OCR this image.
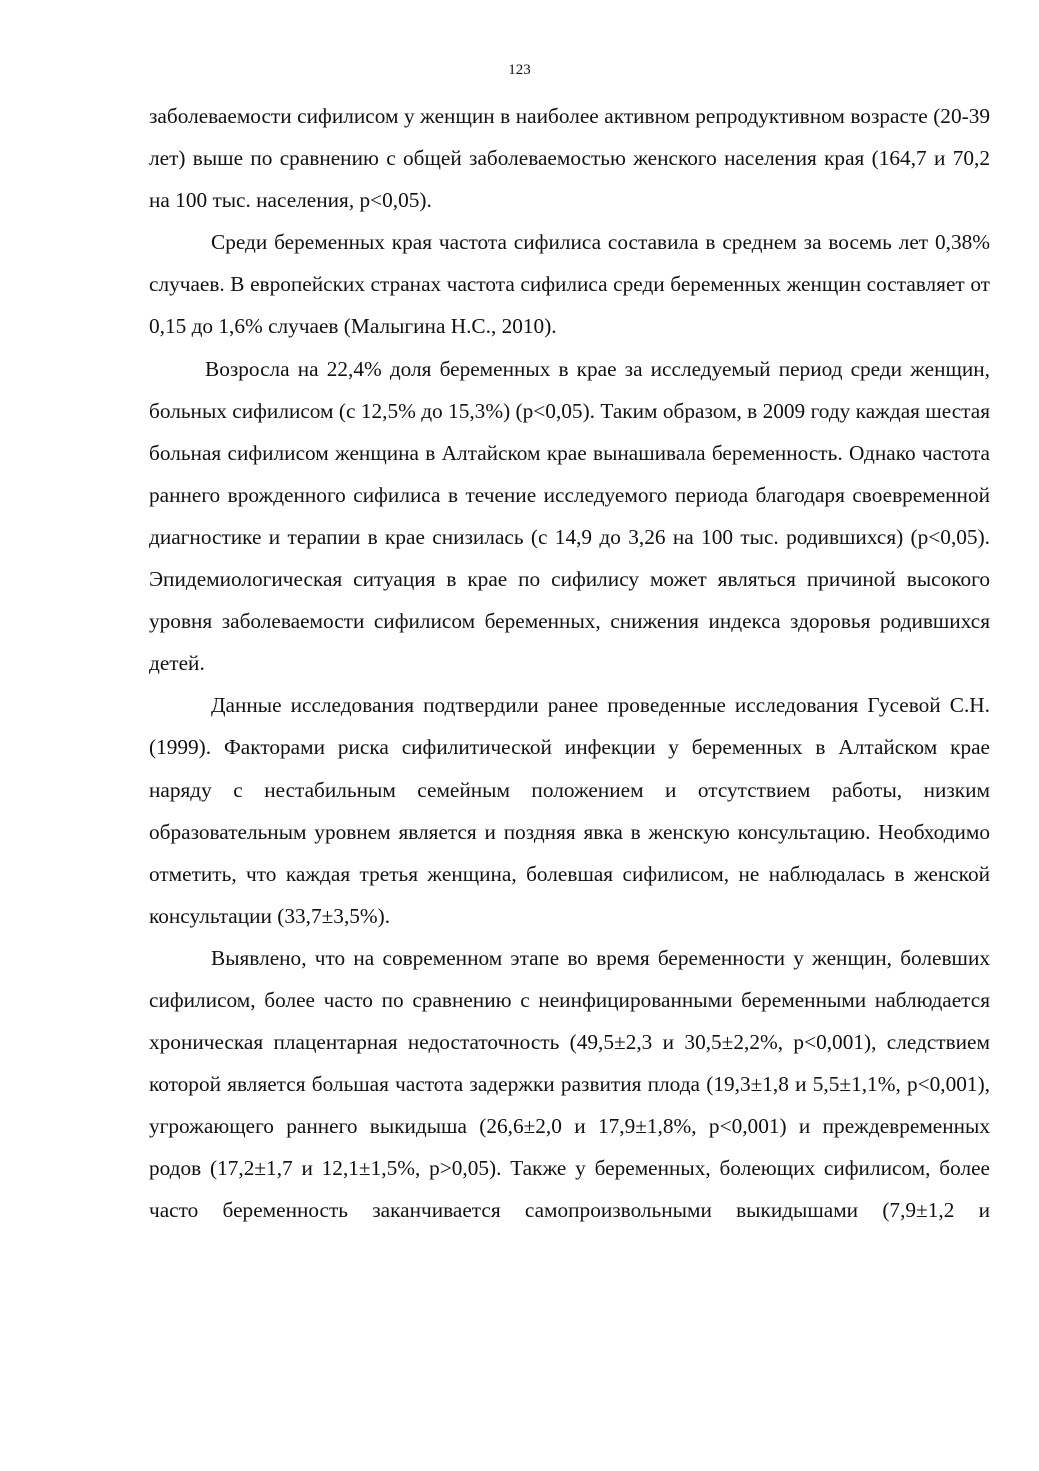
123

заболеваемости сифилисом у женщин в наиболее активном репродуктивном возрасте (20-39 лет) выше по сравнению с общей заболеваемостью женского населения края (164,7 и 70,2 на 100 тыс. населения, р<0,05).

Среди беременных края частота сифилиса составила в среднем за восемь лет 0,38% случаев. В европейских странах частота сифилиса среди беременных женщин составляет от 0,15 до 1,6% случаев (Малыгина Н.С., 2010).

Возросла на 22,4% доля беременных в крае за исследуемый период среди женщин, больных сифилисом (с 12,5% до 15,3%) (р<0,05). Таким образом, в 2009 году каждая шестая больная сифилисом женщина в Алтайском крае вынашивала беременность. Однако частота раннего врожденного сифилиса в течение исследуемого периода благодаря своевременной диагностике и терапии в крае снизилась (с 14,9 до 3,26 на 100 тыс. родившихся) (р<0,05). Эпидемиологическая ситуация в крае по сифилису может являться причиной высокого уровня заболеваемости сифилисом беременных, снижения индекса здоровья родившихся детей.

Данные исследования подтвердили ранее проведенные исследования Гусевой С.Н. (1999). Факторами риска сифилитической инфекции у беременных в Алтайском крае наряду с нестабильным семейным положением и отсутствием работы, низким образовательным уровнем является и поздняя явка в женскую консультацию. Необходимо отметить, что каждая третья женщина, болевшая сифилисом, не наблюдалась в женской консультации (33,7±3,5%).

Выявлено, что на современном этапе во время беременности у женщин, болевших сифилисом, более часто по сравнению с неинфицированными беременными наблюдается хроническая плацентарная недостаточность (49,5±2,3 и 30,5±2,2%, р<0,001), следствием которой является большая частота задержки развития плода (19,3±1,8 и 5,5±1,1%, р<0,001), угрожающего раннего выкидыша (26,6±2,0 и 17,9±1,8%, р<0,001) и преждевременных родов (17,2±1,7 и 12,1±1,5%, р>0,05). Также у беременных, болеющих сифилисом, более часто беременность заканчивается самопроизвольными выкидышами (7,9±1,2 и
